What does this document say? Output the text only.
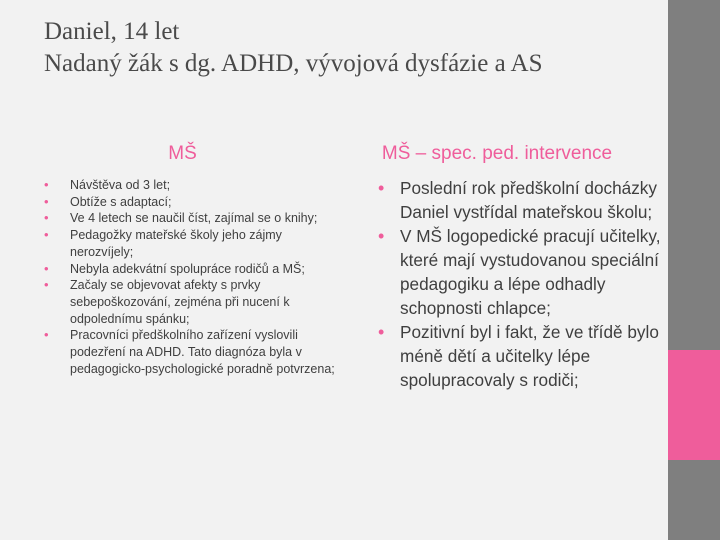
Daniel, 14 let
Nadaný žák s dg. ADHD, vývojová dysfázie a AS
MŠ
• Návštěva od 3 let;
• Obtíže s adaptací;
• Ve 4 letech se naučil číst, zajímal se o knihy;
• Pedagožky mateřské školy jeho zájmy nerozvíjely;
• Nebyla adekvátní spolupráce rodičů a MŠ;
• Začaly se objevovat afekty s prvky sebepoškozování, zejména při nucení k odpolednímu spánku;
• Pracovníci předškolního zařízení vyslovili podezření na ADHD. Tato diagnóza byla v pedagogicko-psychologické poradně potvrzena;
MŠ – spec. ped. intervence
• Poslední rok předškolní docházky Daniel vystřídal mateřskou školu;
• V MŠ logopedické pracují učitelky, které mají vystudovanou speciální pedagogiku a lépe odhadly schopnosti chlapce;
• Pozitivní byl i fakt, že ve třídě bylo méně dětí a učitelky lépe spolupracovaly s rodiči;
